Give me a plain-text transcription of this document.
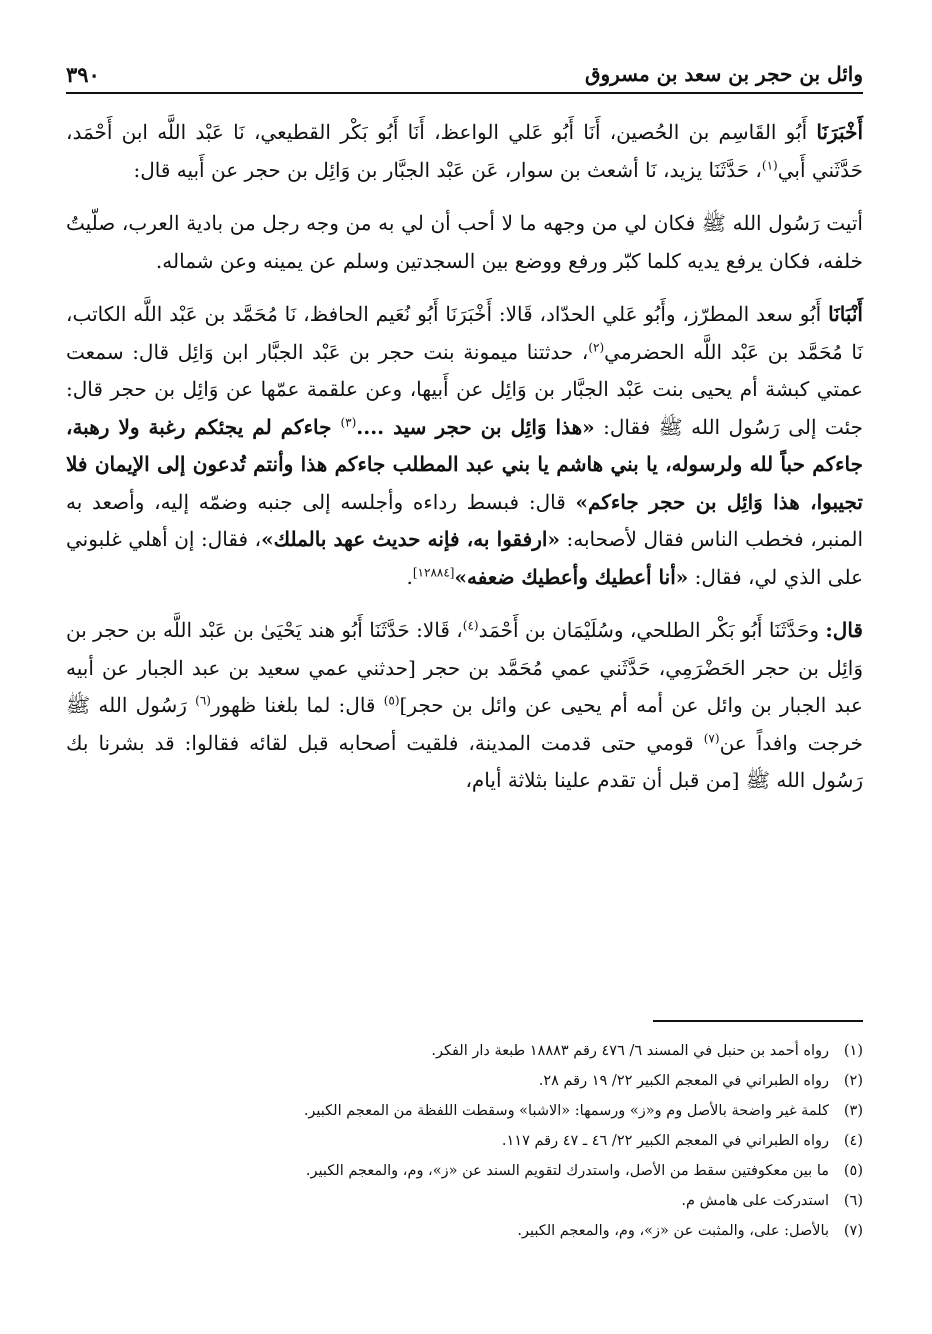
٣٩٠	وائل بن حجر بن سعد بن مسروق

أَخْبَرَنَا أَبُو القَاسِم بن الحُصين، أَنَا أَبُو عَلي الواعظ، أَنَا أَبُو بَكْر القطيعي، نَا عَبْد اللَّه ابن أَحْمَد، حَدَّثَني أَبي$^{(١)}$، حَدَّثَنَا يزيد، نَا أشعث بن سوار، عَن عَبْد الجبَّار بن وَائِل بن حجر عن أَبيه قال:

أتيت رَسُول الله ﷺ فكان لي من وجهه ما لا أحب أن لي به من وجه رجل من بادية العرب، صلّيتُ خلفه، فكان يرفع يديه كلما كبّر ورفع ووضع بين السجدتين وسلم عن يمينه وعن شماله.

أَنْبَانَا أَبُو سعد المطرّز، وأَبُو عَلي الحدّاد، قَالا: أَخْبَرَنَا أَبُو نُعَيم الحافظ، نَا مُحَمَّد بن عَبْد اللَّه الكاتب، نَا مُحَمَّد بن عَبْد اللَّه الحضرمي$^{(٢)}$، حدثتنا ميمونة بنت حجر بن عَبْد الجبَّار ابن وَائِل قال: سمعت عمتي كبشة أم يحيى بنت عَبْد الجبَّار بن وَائِل عن أَبيها، وعن علقمة عمّها عن وَائِل بن حجر قال: جئت إلى رَسُول الله ﷺ فقال: «هذا وَائِل بن حجر سيد ....$^{(٣)}$ جاءكم لم يجئكم رغبة ولا رهبة، جاءكم حباً لله ولرسوله، يا بني هاشم يا بني عبد المطلب جاءكم هذا وأنتم تُدعون إلى الإيمان فلا تجيبوا، هذا وَائِل بن حجر جاءكم» قال: فبسط رداءه وأجلسه إلى جنبه وضمّه إليه، وأصعد به المنبر، فخطب الناس فقال لأصحابه: «ارفقوا به، فإنه حديث عهد بالملك»، فقال: إن أهلي غلبوني على الذي لي، فقال: «أنا أعطيك وأعطيك ضعفه»[١٢٨٨٤].

قال: وحَدَّثَنَا أَبُو بَكْر الطلحي، وسُلَيْمَان بن أَحْمَد$^{(٤)}$، قَالا: حَدَّثَنَا أَبُو هند يَحْيَىٰ بن عَبْد اللَّه بن حجر بن وَائِل بن حجر الحَضْرَمِي، حَدَّثَني عمي مُحَمَّد بن حجر [حدثني عمي سعيد بن عبد الجبار عن أبيه عبد الجبار بن وائل عن أمه أم يحيى عن وائل بن حجر]$^{(٥)}$ قال: لما بلغنا ظهور$^{(٦)}$ رَسُول الله ﷺ خرجت وافداً عن$^{(٧)}$ قومي حتى قدمت المدينة، فلقيت أصحابه قبل لقائه فقالوا: قد بشرنا بك رَسُول الله ﷺ [من قبل أن تقدم علينا بثلاثة أيام،

(١)رواه أحمد بن حنبل في المسند ٦/ ٤٧٦ رقم ١٨٨٨٣ طبعة دار الفكر.
(٢)رواه الطبراني في المعجم الكبير ٢٢/ ١٩ رقم ٢٨.
(٣)كلمة غير واضحة بالأصل وم و«ز» ورسمها: «الاشبا» وسقطت اللفظة من المعجم الكبير.
(٤)رواه الطبراني في المعجم الكبير ٢٢/ ٤٦ ـ ٤٧ رقم ١١٧.
(٥)ما بين معكوفتين سقط من الأصل، واستدرك لتقويم السند عن «ز»، وم، والمعجم الكبير.
(٦)استدركت على هامش م.
(٧)بالأصل: على، والمثبت عن «ز»، وم، والمعجم الكبير.
